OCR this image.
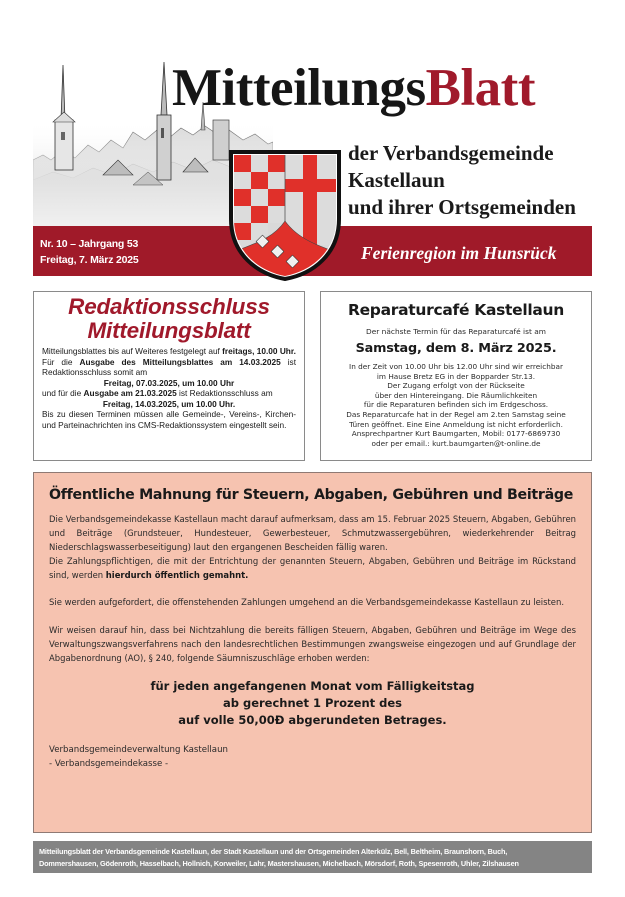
MitteilungsBlatt
der Verbandsgemeinde
Kastellaun
und ihrer Ortsgemeinden
Nr. 10 – Jahrgang 53
Freitag, 7. März 2025	Ferienregion im Hunsrück
Redaktionsschluss
Mitteilungsblatt
Mitteilungsblattes bis auf Weiteres festgelegt auf freitags, 10.00 Uhr.
Für die Ausgabe des Mitteilungsblattes am 14.03.2025 ist Redaktionsschluss somit am
Freitag, 07.03.2025, um 10.00 Uhr
und für die Ausgabe am 21.03.2025 ist Redaktionsschluss am
Freitag, 14.03.2025, um 10.00 Uhr.
Bis zu diesen Terminen müssen alle Gemeinde-, Vereins-, Kirchen- und Parteinachrichten ins CMS-Redaktionssystem eingestellt sein.
Reparaturcafé Kastellaun
Der nächste Termin für das Reparaturcafé ist am
Samstag, dem 8. März 2025.
In der Zeit von 10.00 Uhr bis 12.00 Uhr sind wir erreichbar
im Hause Bretz EG in der Bopparder Str.13.
Der Zugang erfolgt von der Rückseite
über den Hintereingang. Die Räumlichkeiten
für die Reparaturen befinden sich im Erdgeschoss.
Das Reparaturcafe hat in der Regel am 2.ten Samstag seine
Türen geöffnet. Eine Eine Anmeldung ist nicht erforderlich.
Ansprechpartner Kurt Baumgarten, Mobil: 0177-6869730
oder per email.: kurt.baumgarten@t-online.de
Öffentliche Mahnung für Steuern, Abgaben, Gebühren und Beiträge

Die Verbandsgemeindekasse Kastellaun macht darauf aufmerksam, dass am 15. Februar 2025 Steuern, Abgaben, Gebühren und Beiträge (Grundsteuer, Hundesteuer, Gewerbesteuer, Schmutzwassergebühren, wiederkehrender Beitrag Niederschlagswasserbeseitigung) laut den ergangenen Bescheiden fällig waren.

Die Zahlungspflichtigen, die mit der Entrichtung der genannten Steuern, Abgaben, Gebühren und Beiträge im Rückstand sind, werden hierdurch öffentlich gemahnt.

Sie werden aufgefordert, die offenstehenden Zahlungen umgehend an die Verbandsgemeindekasse Kastellaun zu leisten.

Wir weisen darauf hin, dass bei Nichtzahlung die bereits fälligen Steuern, Abgaben, Gebühren und Beiträge im Wege des Verwaltungszwangsverfahrens nach den landesrechtlichen Bestimmungen zwangsweise eingezogen und auf Grundlage der Abgabenordnung (AO), § 240, folgende Säumniszuschläge erhoben werden:

für jeden angefangenen Monat vom Fälligkeitstag
ab gerechnet 1 Prozent des
auf volle 50,00Ð abgerundeten Betrages.
Verbandsgemeindeverwaltung Kastellaun
- Verbandsgemeindekasse -
Mitteilungsblatt der Verbandsgemeinde Kastellaun, der Stadt Kastellaun und der Ortsgemeinden Alterkülz, Bell, Beltheim, Braunshorn, Buch,
Dommershausen, Gödenroth, Hasselbach, Hollnich, Korweiler, Lahr, Mastershausen, Michelbach, Mörsdorf, Roth, Spesenroth, Uhler, Zilshausen
